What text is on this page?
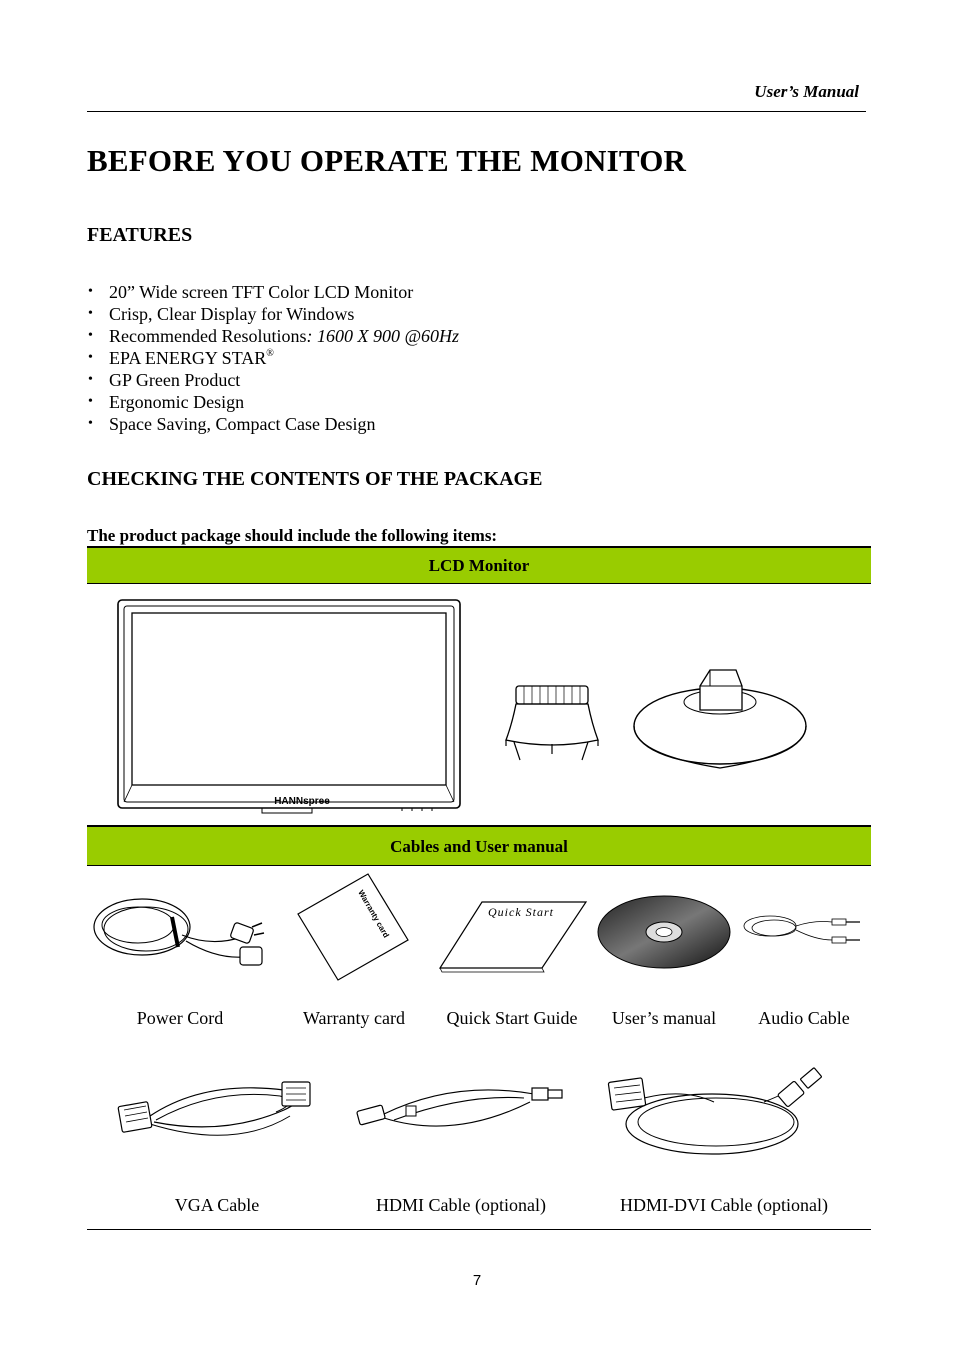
User’s Manual
BEFORE YOU OPERATE THE MONITOR
FEATURES
• 20” Wide screen TFT Color LCD Monitor
• Crisp, Clear Display for Windows
• Recommended Resolutions: 1600 X 900 @60Hz
• EPA ENERGY STAR®
• GP Green Product
• Ergonomic Design
• Space Saving, Compact Case Design
CHECKING THE CONTENTS OF THE PACKAGE
The product package should include the following items:
LCD Monitor
HANNspree
Cables and User manual
Warranty card	Quick Start
Power Cord	Warranty card	Quick Start Guide	User’s manual	Audio Cable
VGA Cable	HDMI Cable (optional)	HDMI-DVI Cable (optional)
7
